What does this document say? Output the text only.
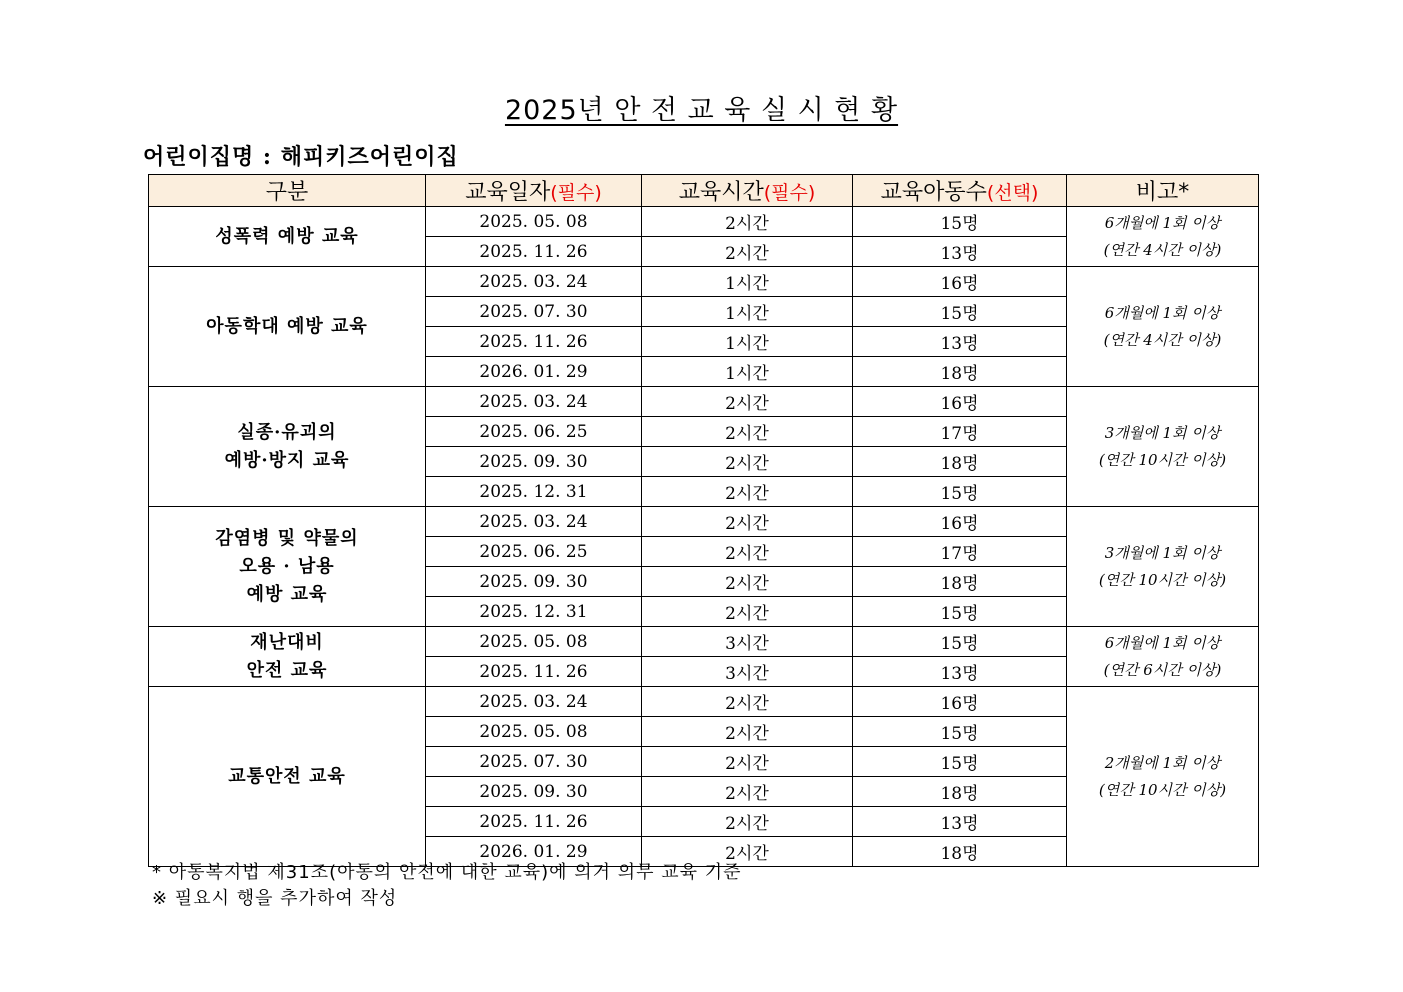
2025년 안 전 교 육 실 시 현 황
어린이집명 : 해피키즈어린이집
구분	교육일자(필수)	교육시간(필수)	교육아동수(선택)	비고*

성폭력 예방 교육	2025. 05. 08	2시간	15명	6개월에 1회 이상
(연간 4시간 이상)

	2025. 11. 26	2시간	13명	

아동학대 예방 교육	2025. 03. 24	1시간	16명	6개월에 1회 이상
(연간 4시간 이상)

	2025. 07. 30	1시간	15명	
	2025. 11. 26	1시간	13명	
	2026. 01. 29	1시간	18명	

실종·유괴의
예방·방지 교육	2025. 03. 24	2시간	16명	3개월에 1회 이상
(연간 10시간 이상)

	2025. 06. 25	2시간	17명	
	2025. 09. 30	2시간	18명	
	2025. 12. 31	2시간	15명	

감염병 및 약물의
오용 · 남용
예방 교육	2025. 03. 24	2시간	16명	3개월에 1회 이상
(연간 10시간 이상)

	2025. 06. 25	2시간	17명	
	2025. 09. 30	2시간	18명	
	2025. 12. 31	2시간	15명	

재난대비
안전 교육	2025. 05. 08	3시간	15명	6개월에 1회 이상
(연간 6시간 이상)

	2025. 11. 26	3시간	13명	

교통안전 교육	2025. 03. 24	2시간	16명	2개월에 1회 이상
(연간 10시간 이상)

	2025. 05. 08	2시간	15명	
	2025. 07. 30	2시간	15명	
	2025. 09. 30	2시간	18명	
	2025. 11. 26	2시간	13명	
	2026. 01. 29	2시간	18명	
* 아동복지법 제31조(아동의 안전에 대한 교육)에 의거 의무 교육 기준
※ 필요시 행을 추가하여 작성
